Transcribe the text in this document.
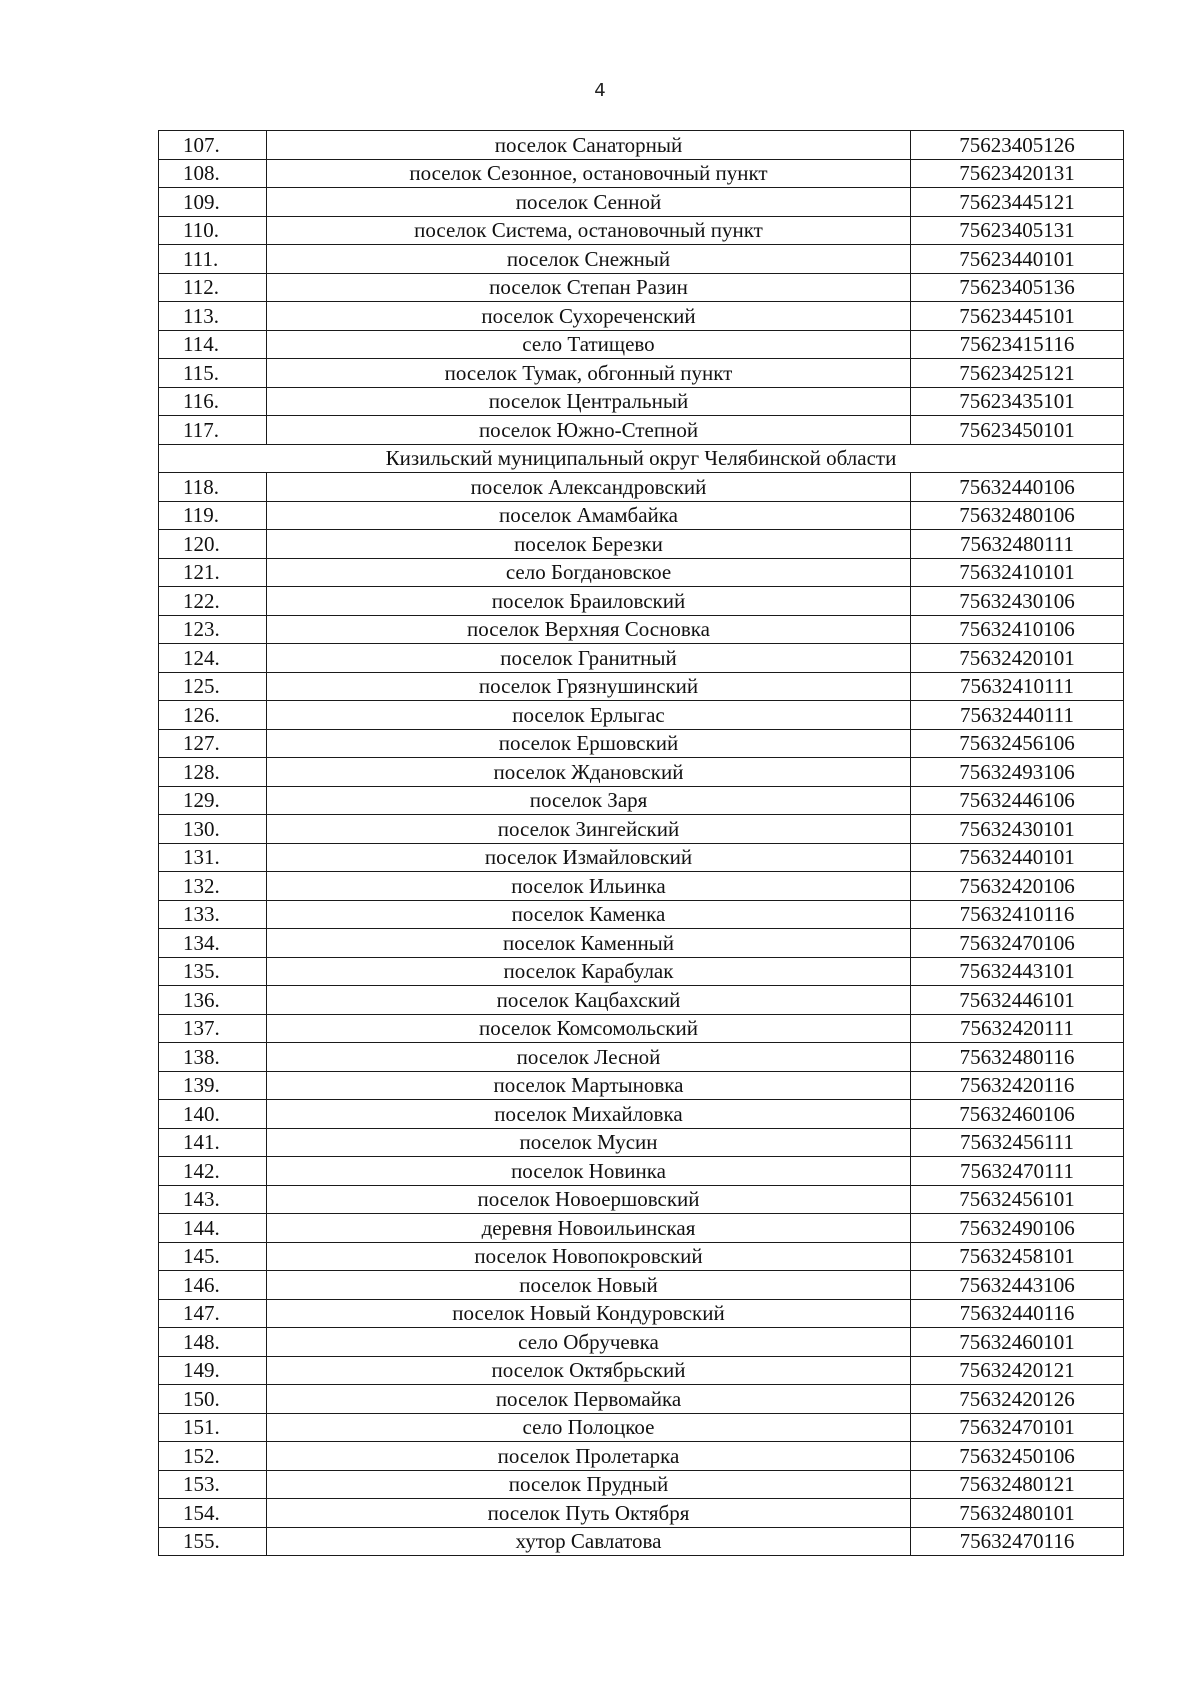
4
107.	поселок Санаторный	75623405126
108.	поселок Сезонное, остановочный пункт	75623420131
109.	поселок Сенной	75623445121
110.	поселок Система, остановочный пункт	75623405131
111.	поселок Снежный	75623440101
112.	поселок Степан Разин	75623405136
113.	поселок Сухореченский	75623445101
114.	село Татищево	75623415116
115.	поселок Тумак, обгонный пункт	75623425121
116.	поселок Центральный	75623435101
117.	поселок Южно-Степной	75623450101
Кизильский муниципальный округ Челябинской области		
118.	поселок Александровский	75632440106
119.	поселок Амамбайка	75632480106
120.	поселок Березки	75632480111
121.	село Богдановское	75632410101
122.	поселок Браиловский	75632430106
123.	поселок Верхняя Сосновка	75632410106
124.	поселок Гранитный	75632420101
125.	поселок Грязнушинский	75632410111
126.	поселок Ерлыгас	75632440111
127.	поселок Ершовский	75632456106
128.	поселок Ждановский	75632493106
129.	поселок Заря	75632446106
130.	поселок Зингейский	75632430101
131.	поселок Измайловский	75632440101
132.	поселок Ильинка	75632420106
133.	поселок Каменка	75632410116
134.	поселок Каменный	75632470106
135.	поселок Карабулак	75632443101
136.	поселок Кацбахский	75632446101
137.	поселок Комсомольский	75632420111
138.	поселок Лесной	75632480116
139.	поселок Мартыновка	75632420116
140.	поселок Михайловка	75632460106
141.	поселок Мусин	75632456111
142.	поселок Новинка	75632470111
143.	поселок Новоершовский	75632456101
144.	деревня Новоильинская	75632490106
145.	поселок Новопокровский	75632458101
146.	поселок Новый	75632443106
147.	поселок Новый Кондуровский	75632440116
148.	село Обручевка	75632460101
149.	поселок Октябрьский	75632420121
150.	поселок Первомайка	75632420126
151.	село Полоцкое	75632470101
152.	поселок Пролетарка	75632450106
153.	поселок Прудный	75632480121
154.	поселок Путь Октября	75632480101
155.	хутор Савлатова	75632470116
